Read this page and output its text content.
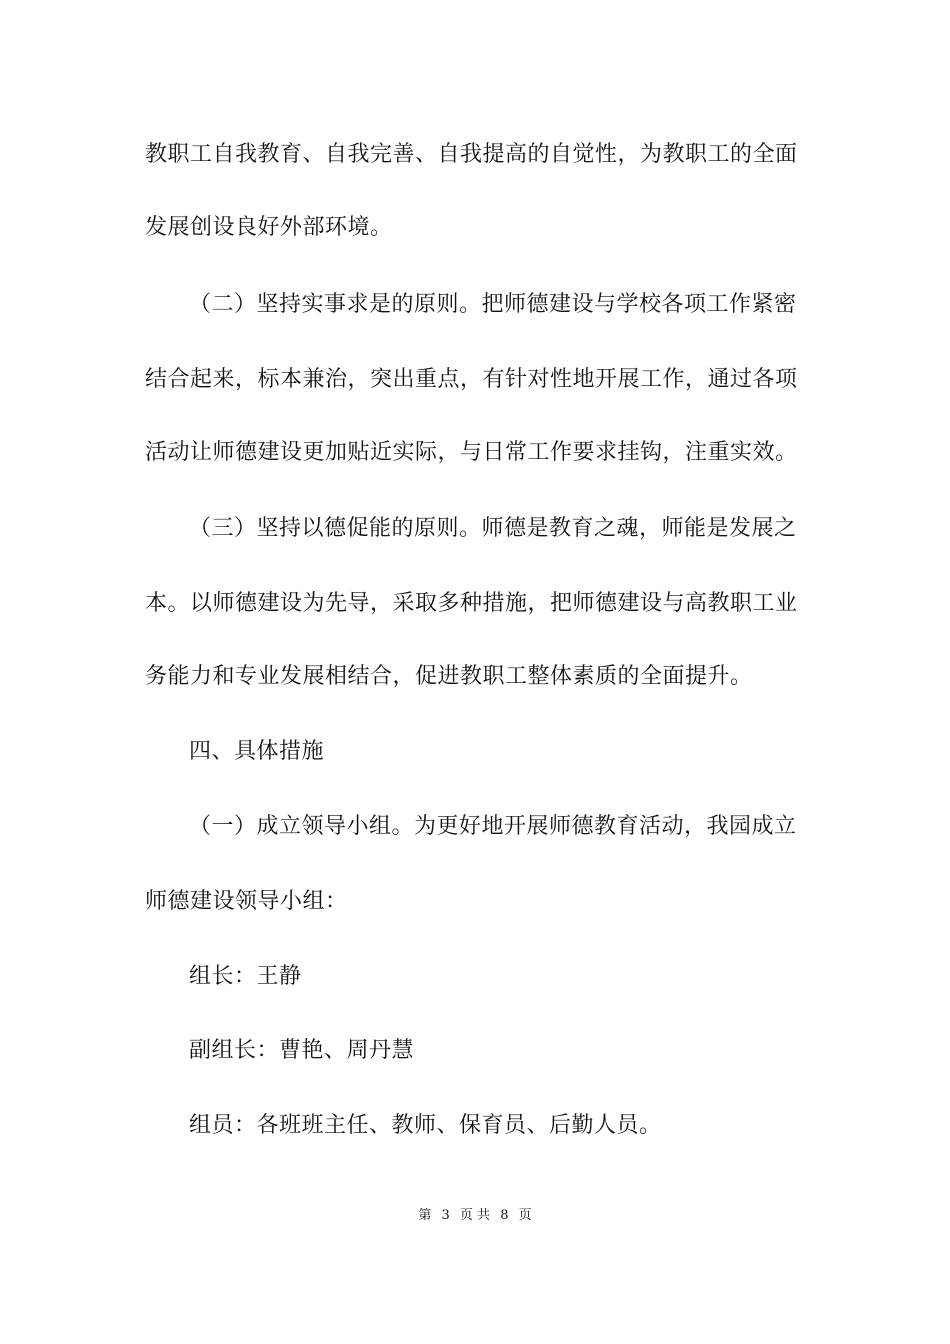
教职工自我教育、自我完善、自我提高的自觉性，为教职工的全面
发展创设良好外部环境。
（二）坚持实事求是的原则。把师德建设与学校各项工作紧密
结合起来，标本兼治，突出重点，有针对性地开展工作，通过各项
活动让师德建设更加贴近实际，与日常工作要求挂钩，注重实效。
（三）坚持以德促能的原则。师德是教育之魂，师能是发展之
本。以师德建设为先导，采取多种措施，把师德建设与高教职工业
务能力和专业发展相结合，促进教职工整体素质的全面提升。
四、具体措施
（一）成立领导小组。为更好地开展师德教育活动，我园成立
师德建设领导小组：
组长：王静
副组长：曹艳、周丹慧
组员：各班班主任、教师、保育员、后勤人员。
第 3 页 共 8 页
